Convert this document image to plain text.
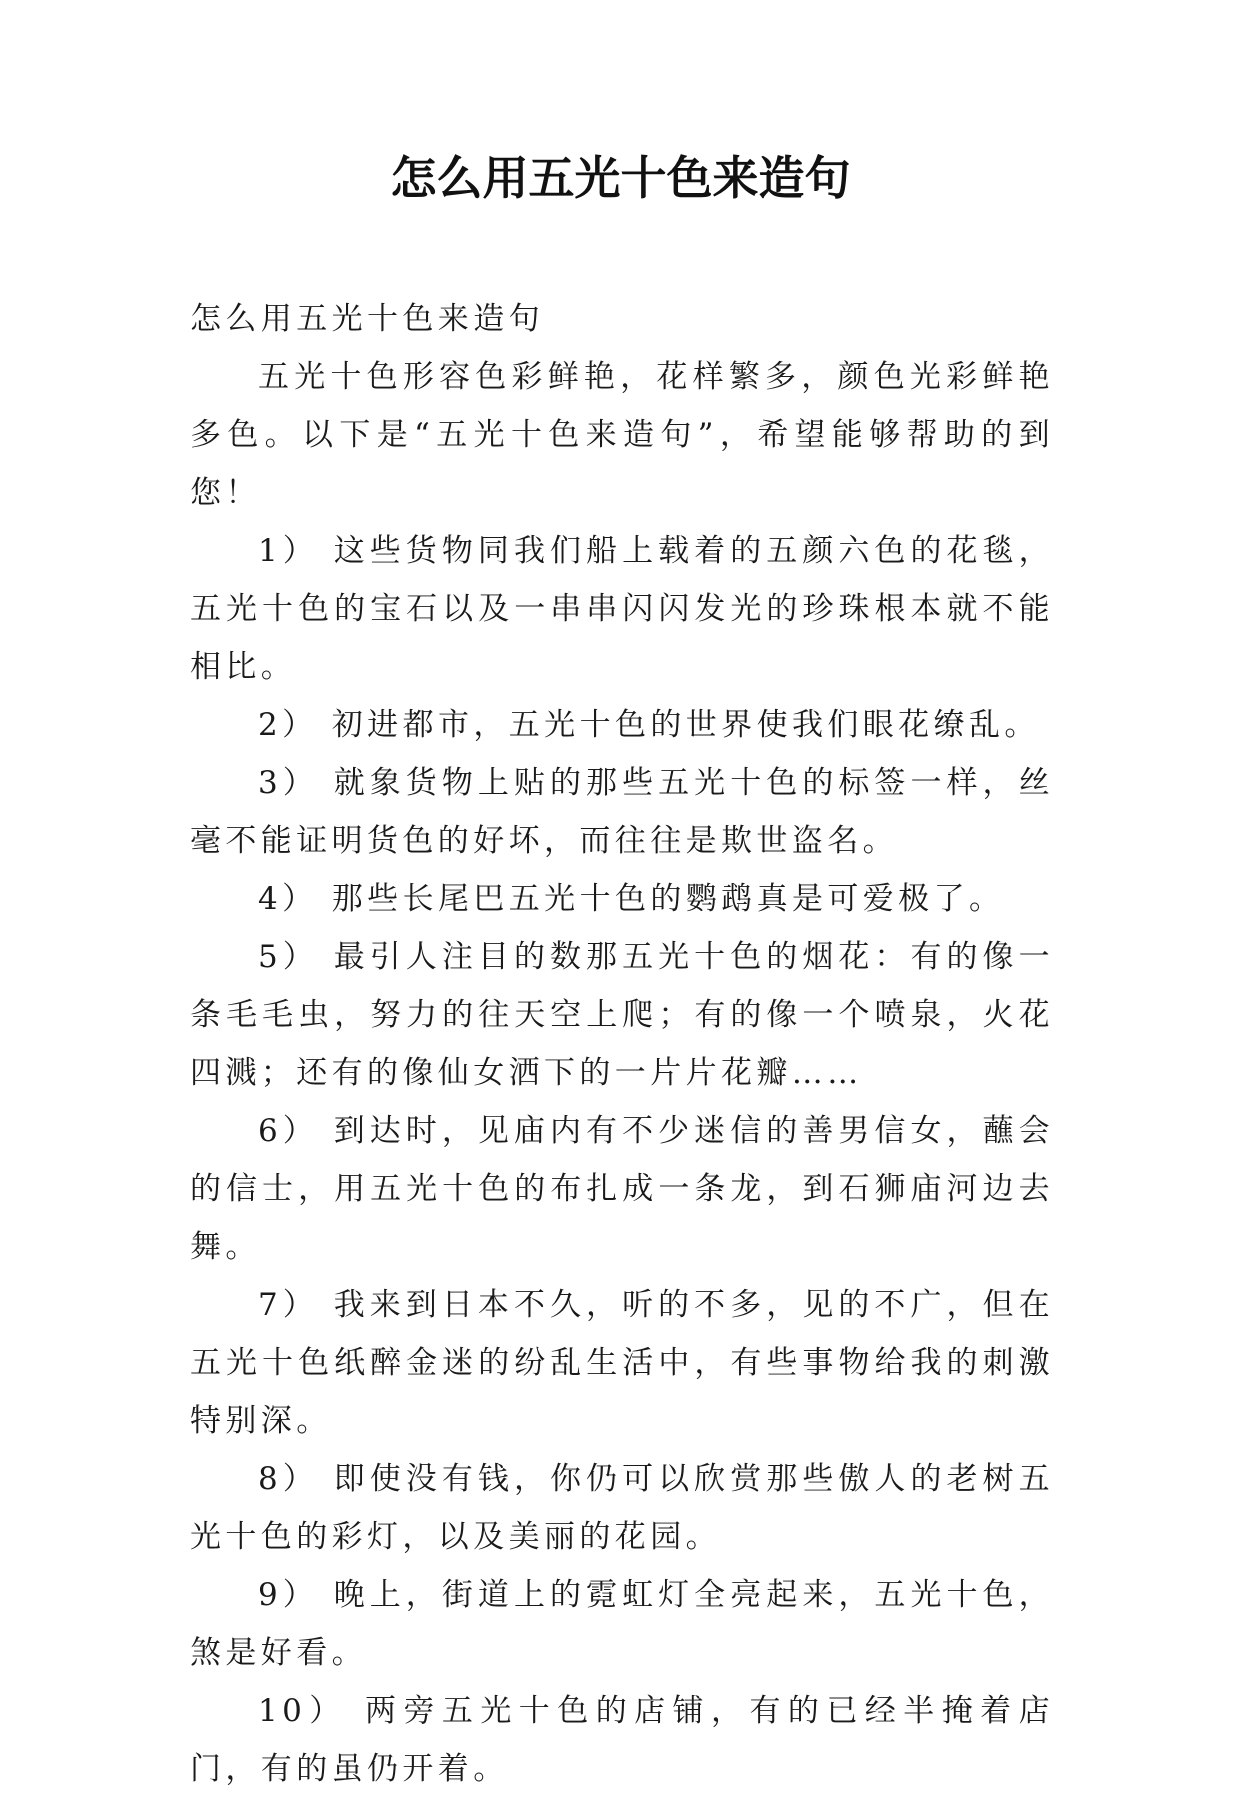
怎么用五光十色来造句

怎么用五光十色来造句

五光十色形容色彩鲜艳，花样繁多，颜色光彩鲜艳多色。以下是“五光十色来造句”，希望能够帮助的到您！

1） 这些货物同我们船上载着的五颜六色的花毯，五光十色的宝石以及一串串闪闪发光的珍珠根本就不能相比。

2） 初进都市，五光十色的世界使我们眼花缭乱。

3） 就象货物上贴的那些五光十色的标签一样，丝毫不能证明货色的好坏，而往往是欺世盗名。

4） 那些长尾巴五光十色的鹦鹉真是可爱极了。

5） 最引人注目的数那五光十色的烟花：有的像一条毛毛虫，努力的往天空上爬；有的像一个喷泉，火花四溅；还有的像仙女洒下的一片片花瓣……

6） 到达时，见庙内有不少迷信的善男信女，蘸会的信士，用五光十色的布扎成一条龙，到石狮庙河边去舞。

7） 我来到日本不久，听的不多，见的不广，但在五光十色纸醉金迷的纷乱生活中，有些事物给我的刺激特别深。

8） 即使没有钱，你仍可以欣赏那些傲人的老树五光十色的彩灯，以及美丽的花园。

9） 晚上，街道上的霓虹灯全亮起来，五光十色，煞是好看。

10） 两旁五光十色的店铺，有的已经半掩着店门，有的虽仍开着。
